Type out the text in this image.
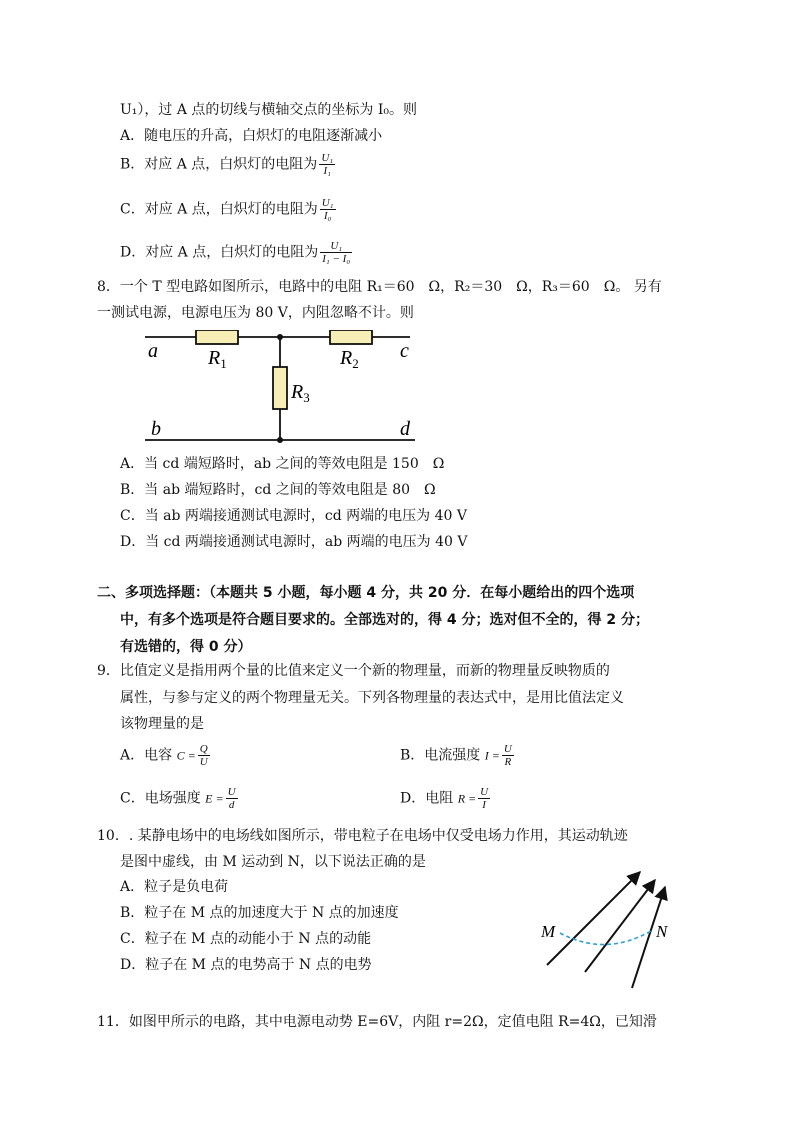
U₁），过 A 点的切线与横轴交点的坐标为 I₀。则
A．随电压的升高，白炽灯的电阻逐渐减小
B．对应 A 点，白炽灯的电阻为 $\frac{\text{U₁}}{\text{I₁}}$
C．对应 A 点，白炽灯的电阻为 $\frac{\text{U₁}}{\text{I₀}}$
D．对应 A 点，白炽灯的电阻为 $\frac{\text{U₁}}{\text{I₁ − I₀}}$
8．一个 T 型电路如图所示，电路中的电阻 R₁＝60　Ω，R₂＝30　Ω，R₃＝60　Ω。 另有
一测试电源，电源电压为 80 V，内阻忽略不计。则
a	c
b	d
$R_1$	$R_2$
$R_3$
A．当 cd 端短路时，ab 之间的等效电阻是 150　Ω
B．当 ab 端短路时，cd 之间的等效电阻是 80　Ω
C．当 ab 两端接通测试电源时，cd 两端的电压为 40 V
D．当 cd 两端接通测试电源时，ab 两端的电压为 40 V
二、多项选择题：（本题共 5 小题，每小题 4 分，共 20 分．在每小题给出的四个选项
中，有多个选项是符合题目要求的。全部选对的，得 4 分；选对但不全的，得 2 分；
有选错的，得 0 分）
9．比值定义是指用两个量的比值来定义一个新的物理量，而新的物理量反映物质的
属性，与参与定义的两个物理量无关。下列各物理量的表达式中，是用比值法定义
该物理量的是
A．电容 $C = \frac{Q}{U}$	B．电流强度 $I = \frac{U}{R}$
C．电场强度 $E = \frac{U}{d}$	D．电阻 $R = \frac{U}{I}$
10．. 某静电场中的电场线如图所示，带电粒子在电场中仅受电场力作用，其运动轨迹
是图中虚线，由 M 运动到 N，以下说法正确的是
A．粒子是负电荷
B．粒子在 M 点的加速度大于 N 点的加速度
C．粒子在 M 点的动能小于 N 点的动能
D．粒子在 M 点的电势高于 N 点的电势
M	N
11．如图甲所示的电路，其中电源电动势 E=6V，内阻 r=2Ω，定值电阻 R=4Ω，已知滑
